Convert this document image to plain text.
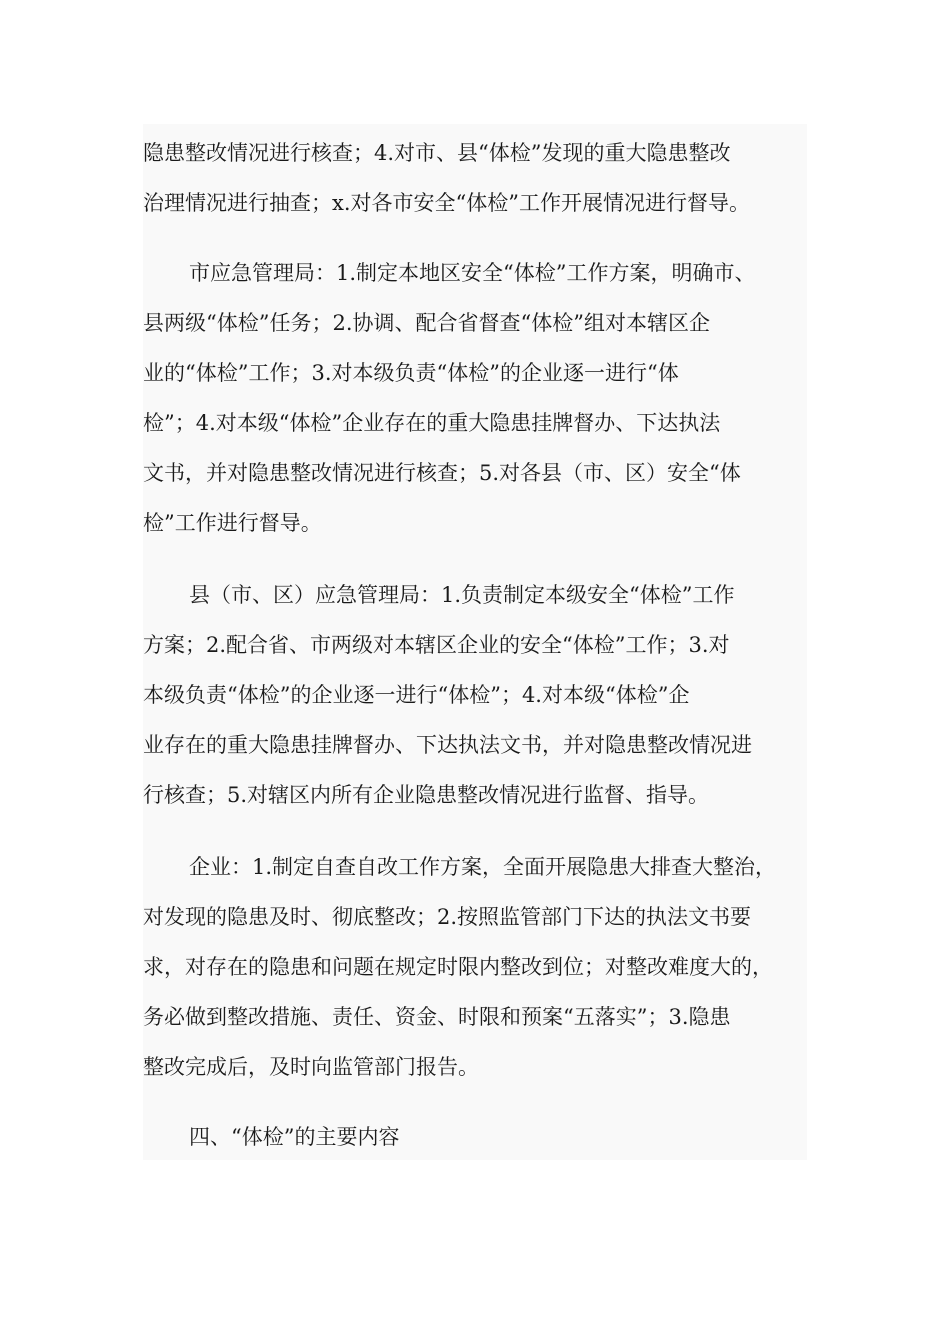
隐患整改情况进行核查；4.对市、县“体检”发现的重大隐患整改
治理情况进行抽查；x.对各市安全“体检”工作开展情况进行督导。
市应急管理局：1.制定本地区安全“体检”工作方案，明确市、
县两级“体检”任务；2.协调、配合省督查“体检”组对本辖区企
业的“体检”工作；3.对本级负责“体检”的企业逐一进行“体
检”；4.对本级“体检”企业存在的重大隐患挂牌督办、下达执法
文书，并对隐患整改情况进行核查；5.对各县（市、区）安全“体
检”工作进行督导。
县（市、区）应急管理局：1.负责制定本级安全“体检”工作
方案；2.配合省、市两级对本辖区企业的安全“体检”工作；3.对
本级负责“体检”的企业逐一进行“体检”；4.对本级“体检”企
业存在的重大隐患挂牌督办、下达执法文书，并对隐患整改情况进
行核查；5.对辖区内所有企业隐患整改情况进行监督、指导。
企业：1.制定自查自改工作方案，全面开展隐患大排查大整治，
对发现的隐患及时、彻底整改；2.按照监管部门下达的执法文书要
求，对存在的隐患和问题在规定时限内整改到位；对整改难度大的，
务必做到整改措施、责任、资金、时限和预案“五落实”；3.隐患
整改完成后，及时向监管部门报告。
四、“体检”的主要内容
